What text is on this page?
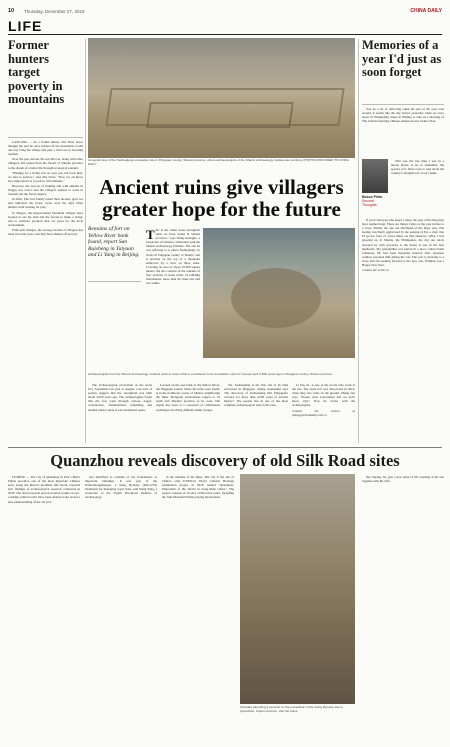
10 Thursday, December 27, 2018	CHINA DAILY
LIFE
Former hunters target poverty in mountains

LANCANG — As a former hunter, Zha Nu'er never thought the pen he once hoisted in the mountains would one day bring his village and play a vital role in boosting tourism.

Over the past decade, his son Zha Ga, along with other villagers, has turned from the forests of Yunnan province to the dream of a better life through ecological tourism.

"Hunting for a living was no easy job, but back then, we had to survive," said Zha Nu'er. "Now we all know how important it is to protect wild animals."

However, the success of hunting and wild animals in Jinggu was scarce and the villagers learned to work in tourism and the forest rangers.

In 2016, Zha Ga's family raised their income, grew tea and cultivated the forest. Gone were the days when hunters went looking for prey.

In Zhagou, the impoverished mountain villages have learned to use the land and the forests to make a living, and to cultivate products that are good for the local environment.

With such changes, the average income of villagers has risen in recent years, and they have shaken off poverty.

An aerial view of the Taohuajiang excavation site in Pingquan county, Shanxi province, where archaeologists of the Shanxi Archaeology Institute are working. PHOTOS PROVIDED TO CHINA DAILY
Ancient ruins give villagers greater hope for the future
Remains of fort on Yellow River bank found, report Sun Ruisheng in Taiyuan and Li Yang in Beijing.
T his is the oldest stone stronghold ruins we have found in Shanxi province," says Wang Guangjie, a researcher of Chinese civilization with the Shanxi Archaeology Institute. The site he was referring to is called Taohuajiang, by locals in Pingquan county of Shanxi, and it perched on the top of a mountain embraced by a river on three sides. Covering an area of about 10,000 square meters, the site consists of the remains of four sections of stone walls, 19 building foundations, more than 90 stone pits and two tombs.
Archaeologists from the Shanxi Archaeology Institute work to clean what is considered to be foundation ruins for houses built 4,500 years ago in Pingquan county, Shanxi province.

The archaeological excavation of the stone fort, September last year to August. Lab tests of pottery suggest that the stronghold was built about 4,500 years ago. The archaeologists found that the fort went through various stages: construction, abandonment, rebuilding and another phase where it was abandoned again.

Located on the east bank of the Yellow River, the Pingquan county, where the ruins were found, is in the northwest corner of Shanxi, neighboring the Inner Mongolia autonomous region to its north and Shaanxi province to its west. The region has been at a crossroad of civilizations exchanges involving different ethnic groups.

Yet, Taohuajiang is the first site of its kind excavated in Pingquan. Zhang Guangshui says "the discovery of Taohuajiang fills Pingquan's vacancy for more than 4,500 years of ancient history." The people live in one of the most complete archaeological sites in the area.

Li Jun, 61, is one of the locals who work at the site. The stone fort was discovered in 2016, when they saw walls on the ground. Zhang Gui says, "Stones were everywhere and we don't know why." Now he works with the archaeologists.

Contact the writers at lijiang@chinadaily.com.cn

Memories of a year I'd just as soon forget

You do a lot of reflecting when the end of the year rolls around. It seems like the day before yesterday when we were down in Wangfujing Street in Beijing to take in a showing of The Grinch featuring Chinese-American star Jackie Chan.

Bosco Pinto
Second Thoughts

That was the last time I was in a movie house. A lot to remember, the spectre of it. Once I got to read about the country's strength was a boy's name.

If you're the type who keeps a diary, the year of the Dog may have seemed long. There are things I miss as the year inches to a close. Finally the one old shorthand of the lunar year. The feeling was likely aggravated by the passing of Fer, a chef, that I'd grown fond of. Good times are like shadows. What I was growing up in Manila, the Philippines, the day our uncle dropped by with groceries to the house is one of the best memories. My grandfather was buried in a place called North Cemetery. He had been hurriedly interred after Japanese soldiers executed him during the war. The year is drawing to a close and I'm looking forward to the new one. Wishing you a Happy New Year.

Contact the writer at

Quanzhou reveals discovery of old Silk Road sites

FUZHOU — The city of Quanzhou in East China's Fujian province, one of the most important Chinese ports along the historic maritime Silk Road, reported new findings of archaeological research conducted in 2018. The latest research and excavation results on eye-catching cultural relics have been analyzed and reveal a new understanding of the old port.

and identified as remains of the foundations of important buildings. It was part of the Nanwaizongzhengsi, a Song Dynasty (960-1279) institution for managing royal clans, said Wang Yang, a researcher at the Fujian Provincial Institute of Archaeology.

in the remains of the kilns. The city is the site of China's only UNESCO World Cultural Heritage nomination project in 2018, named "Quanzhou: Emporium of the World in Song-Yuan China." The project consists of 22 sites of historical relics, including the Jiuri Mountain Wind-praying Inscriptions.

Xie Jieping, 59, gets a new lease of life working at the site together with his wife.

Scholars attending a seminar on the excavation of the Song Dynasty site in Quanzhou, Fujian province, visit the relics.
